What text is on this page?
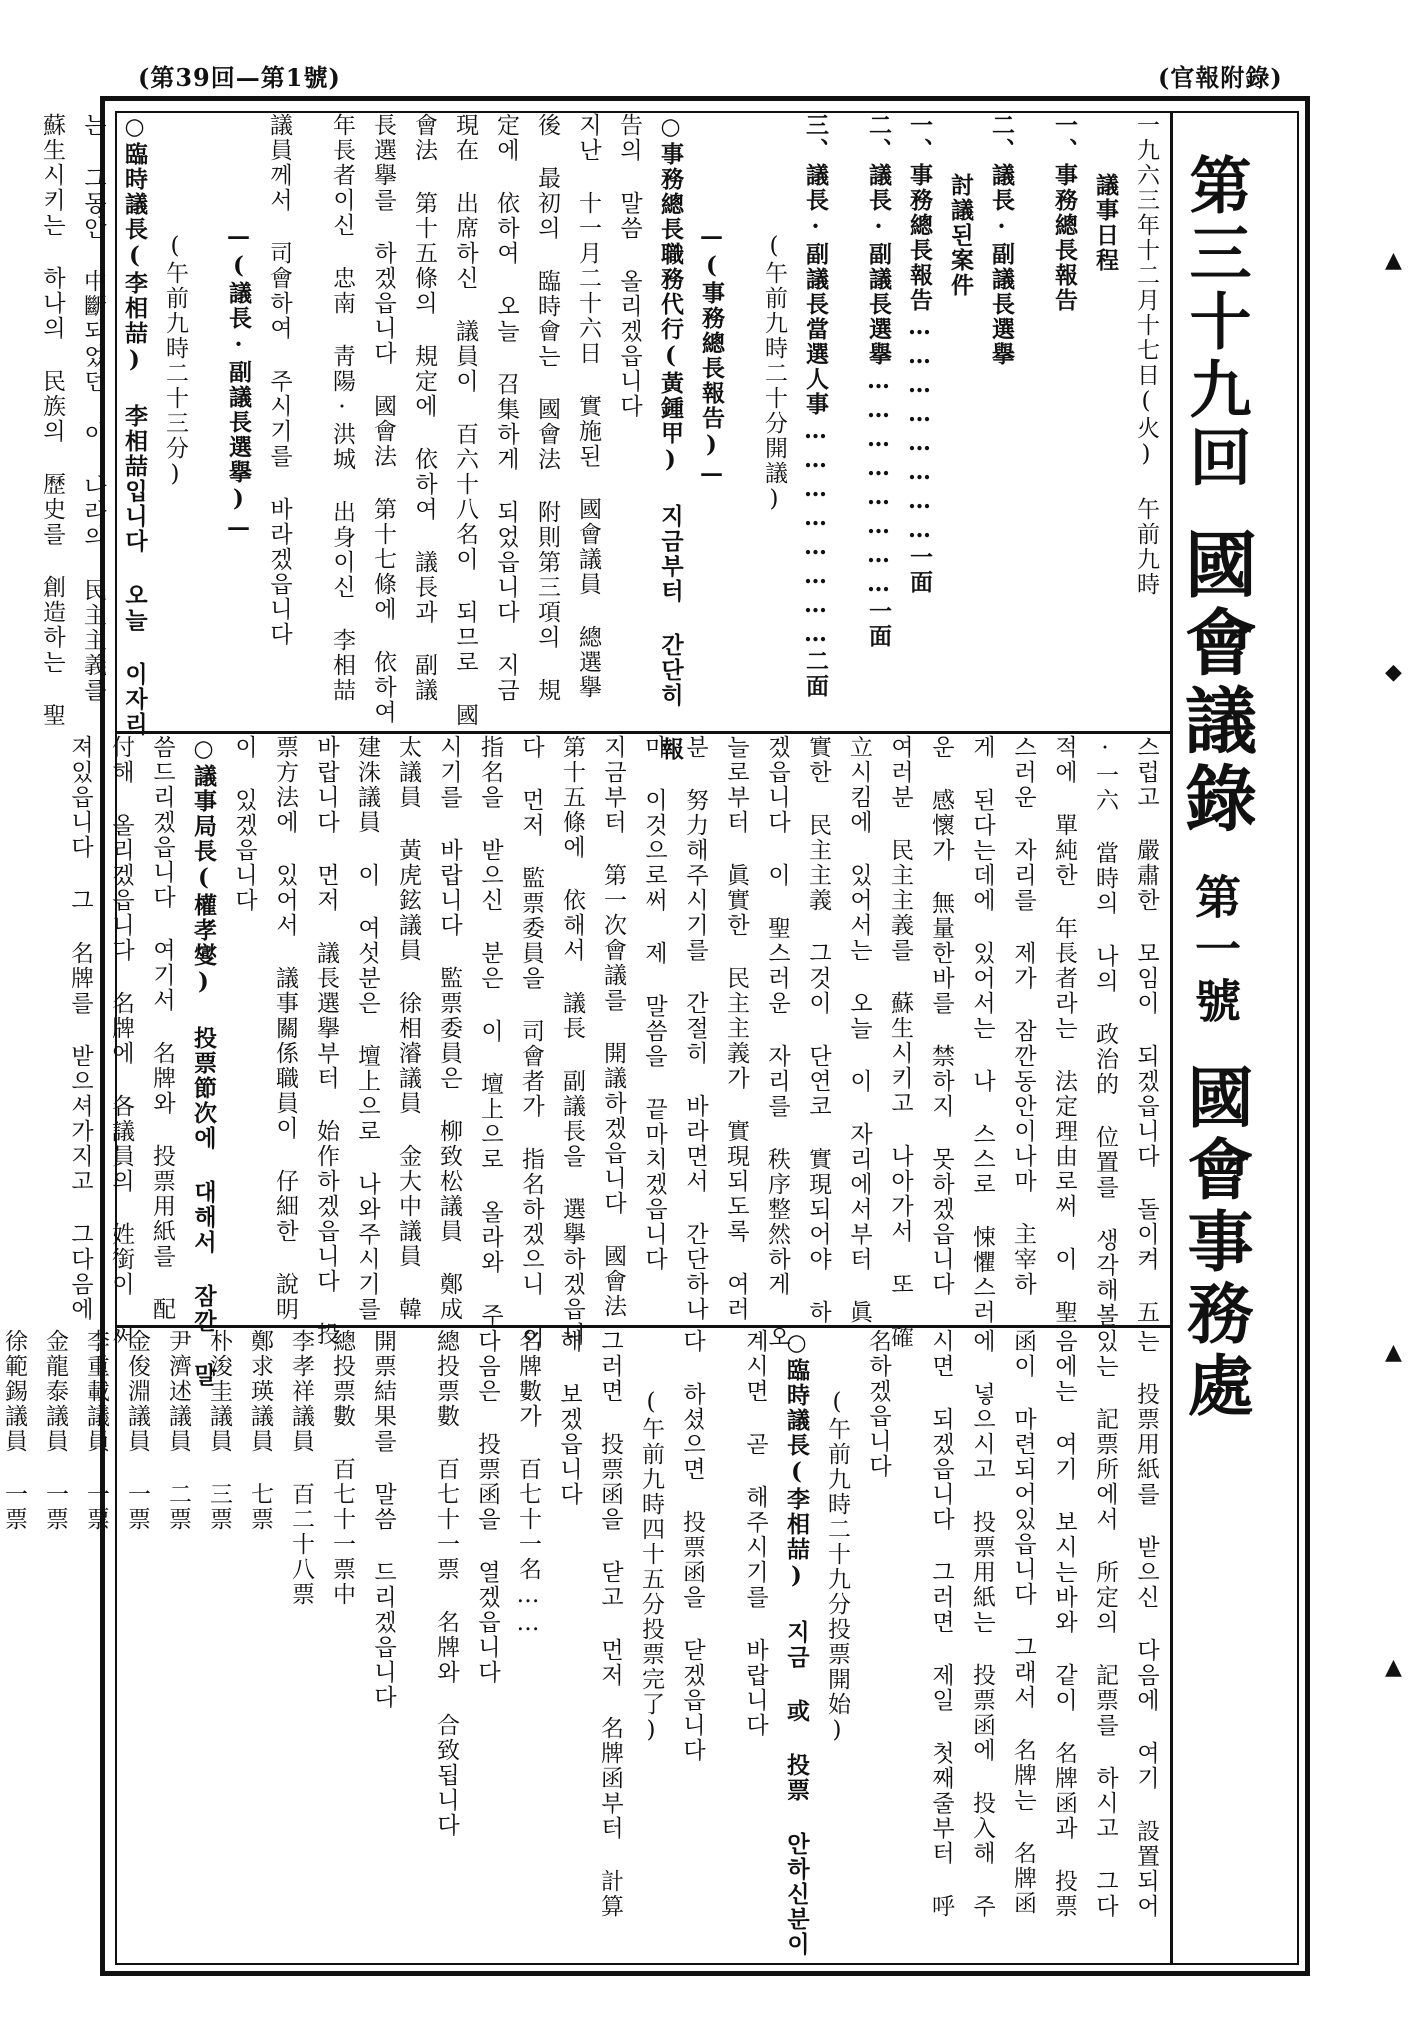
(第39回—第1號)	(官報附錄)
第三十九回國會議錄第一號國會事務處
一九六三年十二月十七日(火) 午前九時
議事日程
一、事務總長報告
二、議長·副議長選擧
討議된案件
一、事務總長報告……………………一面
二、議長·副議長選擧……………………一面
三、議長·副議長當選人事……………………二面
(午前九時二十分開議)
—(事務總長報告)—
○事務總長職務代行(黃鍾甲) 지금부터 간단히 報
告의 말씀 올리겠읍니다
지난 十一月二十六日 實施된 國會議員 總選擧
後 最初의 臨時會는 國會法 附則第三項의 規
定에 依하여 오늘 召集하게 되었읍니다 지금
現在 出席하신 議員이 百六十八名이 되므로 國
會法 第十五條의 規定에 依하여 議長과 副議
長選擧를 하겠읍니다 國會法 第十七條에 依하여
年長者이신 忠南 靑陽·洪城 出身이신 李相喆
議員께서 司會하여 주시기를 바라겠읍니다
—(議長·副議長選擧)—
(午前九時二十三分)
○臨時議長(李相喆) 李相喆입니다 오늘 이자리
는 그동안 中斷되었던 이 나라의 民主主義를
蘇生시키는 하나의 民族의 歷史를 創造하는 聖
스럽고 嚴肅한 모임이 되겠읍니다 돌이켜 五
·一六 當時의 나의 政治的 位置를 생각해볼
적에 單純한 年長者라는 法定理由로써 이 聖
스러운 자리를 제가 잠깐동안이나마 主宰하
게 된다는데에 있어서는 나 스스로 悚懼스러
운 感懷가 無量한바를 禁하지 못하겠읍니다
여러분 民主主義를 蘇生시키고 나아가서 또 確
立시킴에 있어서는 오늘 이 자리에서부터 眞
實한 民主主義 그것이 단연코 實現되어야 하
겠읍니다 이 聖스러운 자리를 秩序整然하게 오
늘로부터 眞實한 民主主義가 實現되도록 여러
분 努力해주시기를 간절히 바라면서 간단하나
마 이것으로써 제 말씀을 끝마치겠읍니다
지금부터 第一次會議를 開議하겠읍니다 國會法
第十五條에 依해서 議長 副議長을 選擧하겠읍니
다 먼저 監票委員을 司會者가 指名하겠으니 이
指名을 받으신 분은 이 壇上으로 올라와 주
시기를 바랍니다 監票委員은 柳致松議員 鄭成
太議員 黃虎鉉議員 徐相濬議員 金大中議員 韓
建洙議員 이 여섯분은 壇上으로 나와주시기를
바랍니다 먼저 議長選擧부터 始作하겠읍니다 投
票方法에 있어서 議事關係職員이 仔細한 說明
이 있겠읍니다
○議事局長(權孝燮) 投票節次에 대해서 잠깐 말
씀드리겠읍니다 여기서 名牌와 投票用紙를 配
付해 올리겠읍니다 名牌에 各議員의 姓銜이 써
져있읍니다 그 名牌를 받으셔가지고 그다음에
는 投票用紙를 받으신 다음에 여기 設置되어
있는 記票所에서 所定의 記票를 하시고 그다
음에는 여기 보시는바와 같이 名牌函과 投票
函이 마련되어있읍니다 그래서 名牌는 名牌函
에 넣으시고 投票用紙는 投票函에 投入해 주
시면 되겠읍니다 그러면 제일 첫째줄부터 呼
名하겠읍니다
(午前九時二十九分投票開始)
○臨時議長(李相喆) 지금 或 投票 안하신분이
계시면 곧 해주시기를 바랍니다
다 하셨으면 投票函을 닫겠읍니다
(午前九時四十五分投票完了)
그러면 投票函을 닫고 먼저 名牌函부터 計算
해 보겠읍니다
名牌數가 百七十一名……
다음은 投票函을 열겠읍니다
總投票數 百七十一票 名牌와 合致됩니다
開票結果를 말씀 드리겠읍니다
總投票數 百七十一票中
李孝祥議員 百二十八票
鄭求瑛議員 七票
朴浚圭議員 三票
尹濟述議員 二票
金俊淵議員 一票
李重載議員 一票
金龍泰議員 一票
徐範錫議員 一票
▲
◆
▲
▲
